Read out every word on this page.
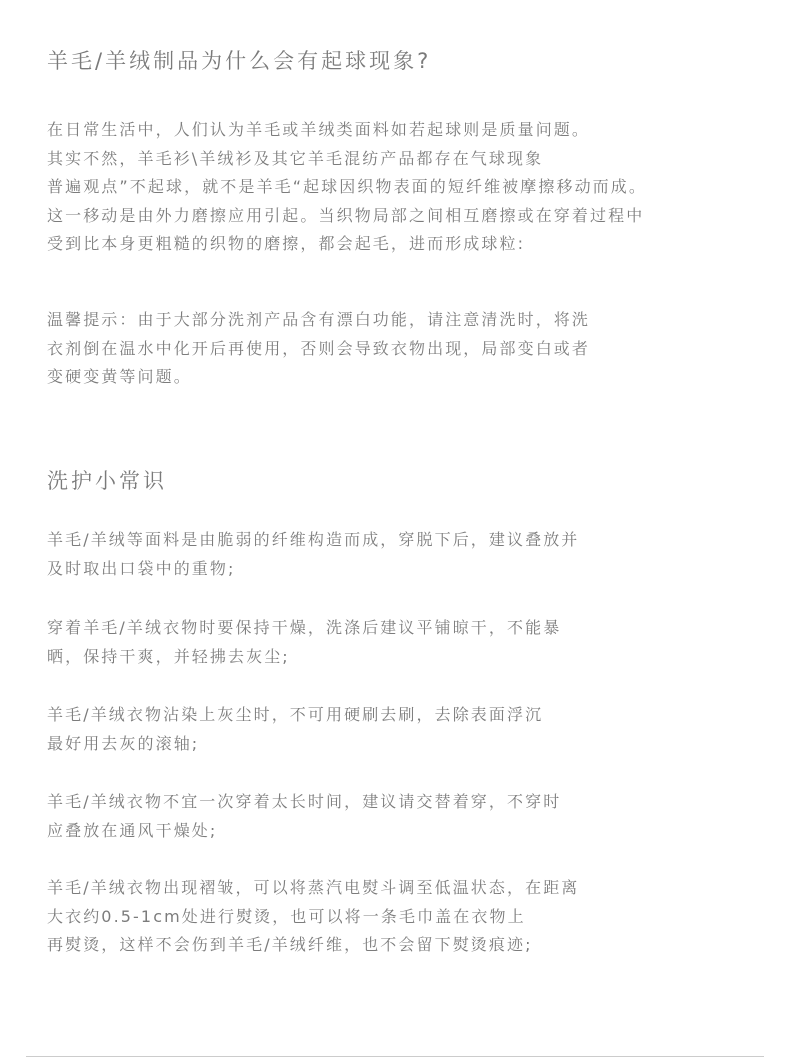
羊毛/羊绒制品为什么会有起球现象?
在日常生活中，人们认为羊毛或羊绒类面料如若起球则是质量问题。
其实不然，羊毛衫\羊绒衫及其它羊毛混纺产品都存在气球现象
普遍观点”不起球，就不是羊毛“起球因织物表面的短纤维被摩擦移动而成。
这一移动是由外力磨擦应用引起。当织物局部之间相互磨擦或在穿着过程中
受到比本身更粗糙的织物的磨擦，都会起毛，进而形成球粒:
温馨提示：由于大部分洗剂产品含有漂白功能，请注意清洗时，将洗
衣剂倒在温水中化开后再使用，否则会导致衣物出现，局部变白或者
变硬变黄等问题。
洗护小常识
羊毛/羊绒等面料是由脆弱的纤维构造而成，穿脱下后，建议叠放并
及时取出口袋中的重物;
穿着羊毛/羊绒衣物时要保持干燥，洗涤后建议平铺晾干，不能暴
晒，保持干爽，并轻拂去灰尘;
羊毛/羊绒衣物沾染上灰尘时，不可用硬刷去刷，去除表面浮沉
最好用去灰的滚轴;
羊毛/羊绒衣物不宜一次穿着太长时间，建议请交替着穿，不穿时
应叠放在通风干燥处;
羊毛/羊绒衣物出现褶皱，可以将蒸汽电熨斗调至低温状态，在距离
大衣约0.5-1cm处进行熨烫，也可以将一条毛巾盖在衣物上
再熨烫，这样不会伤到羊毛/羊绒纤维，也不会留下熨烫痕迹;
